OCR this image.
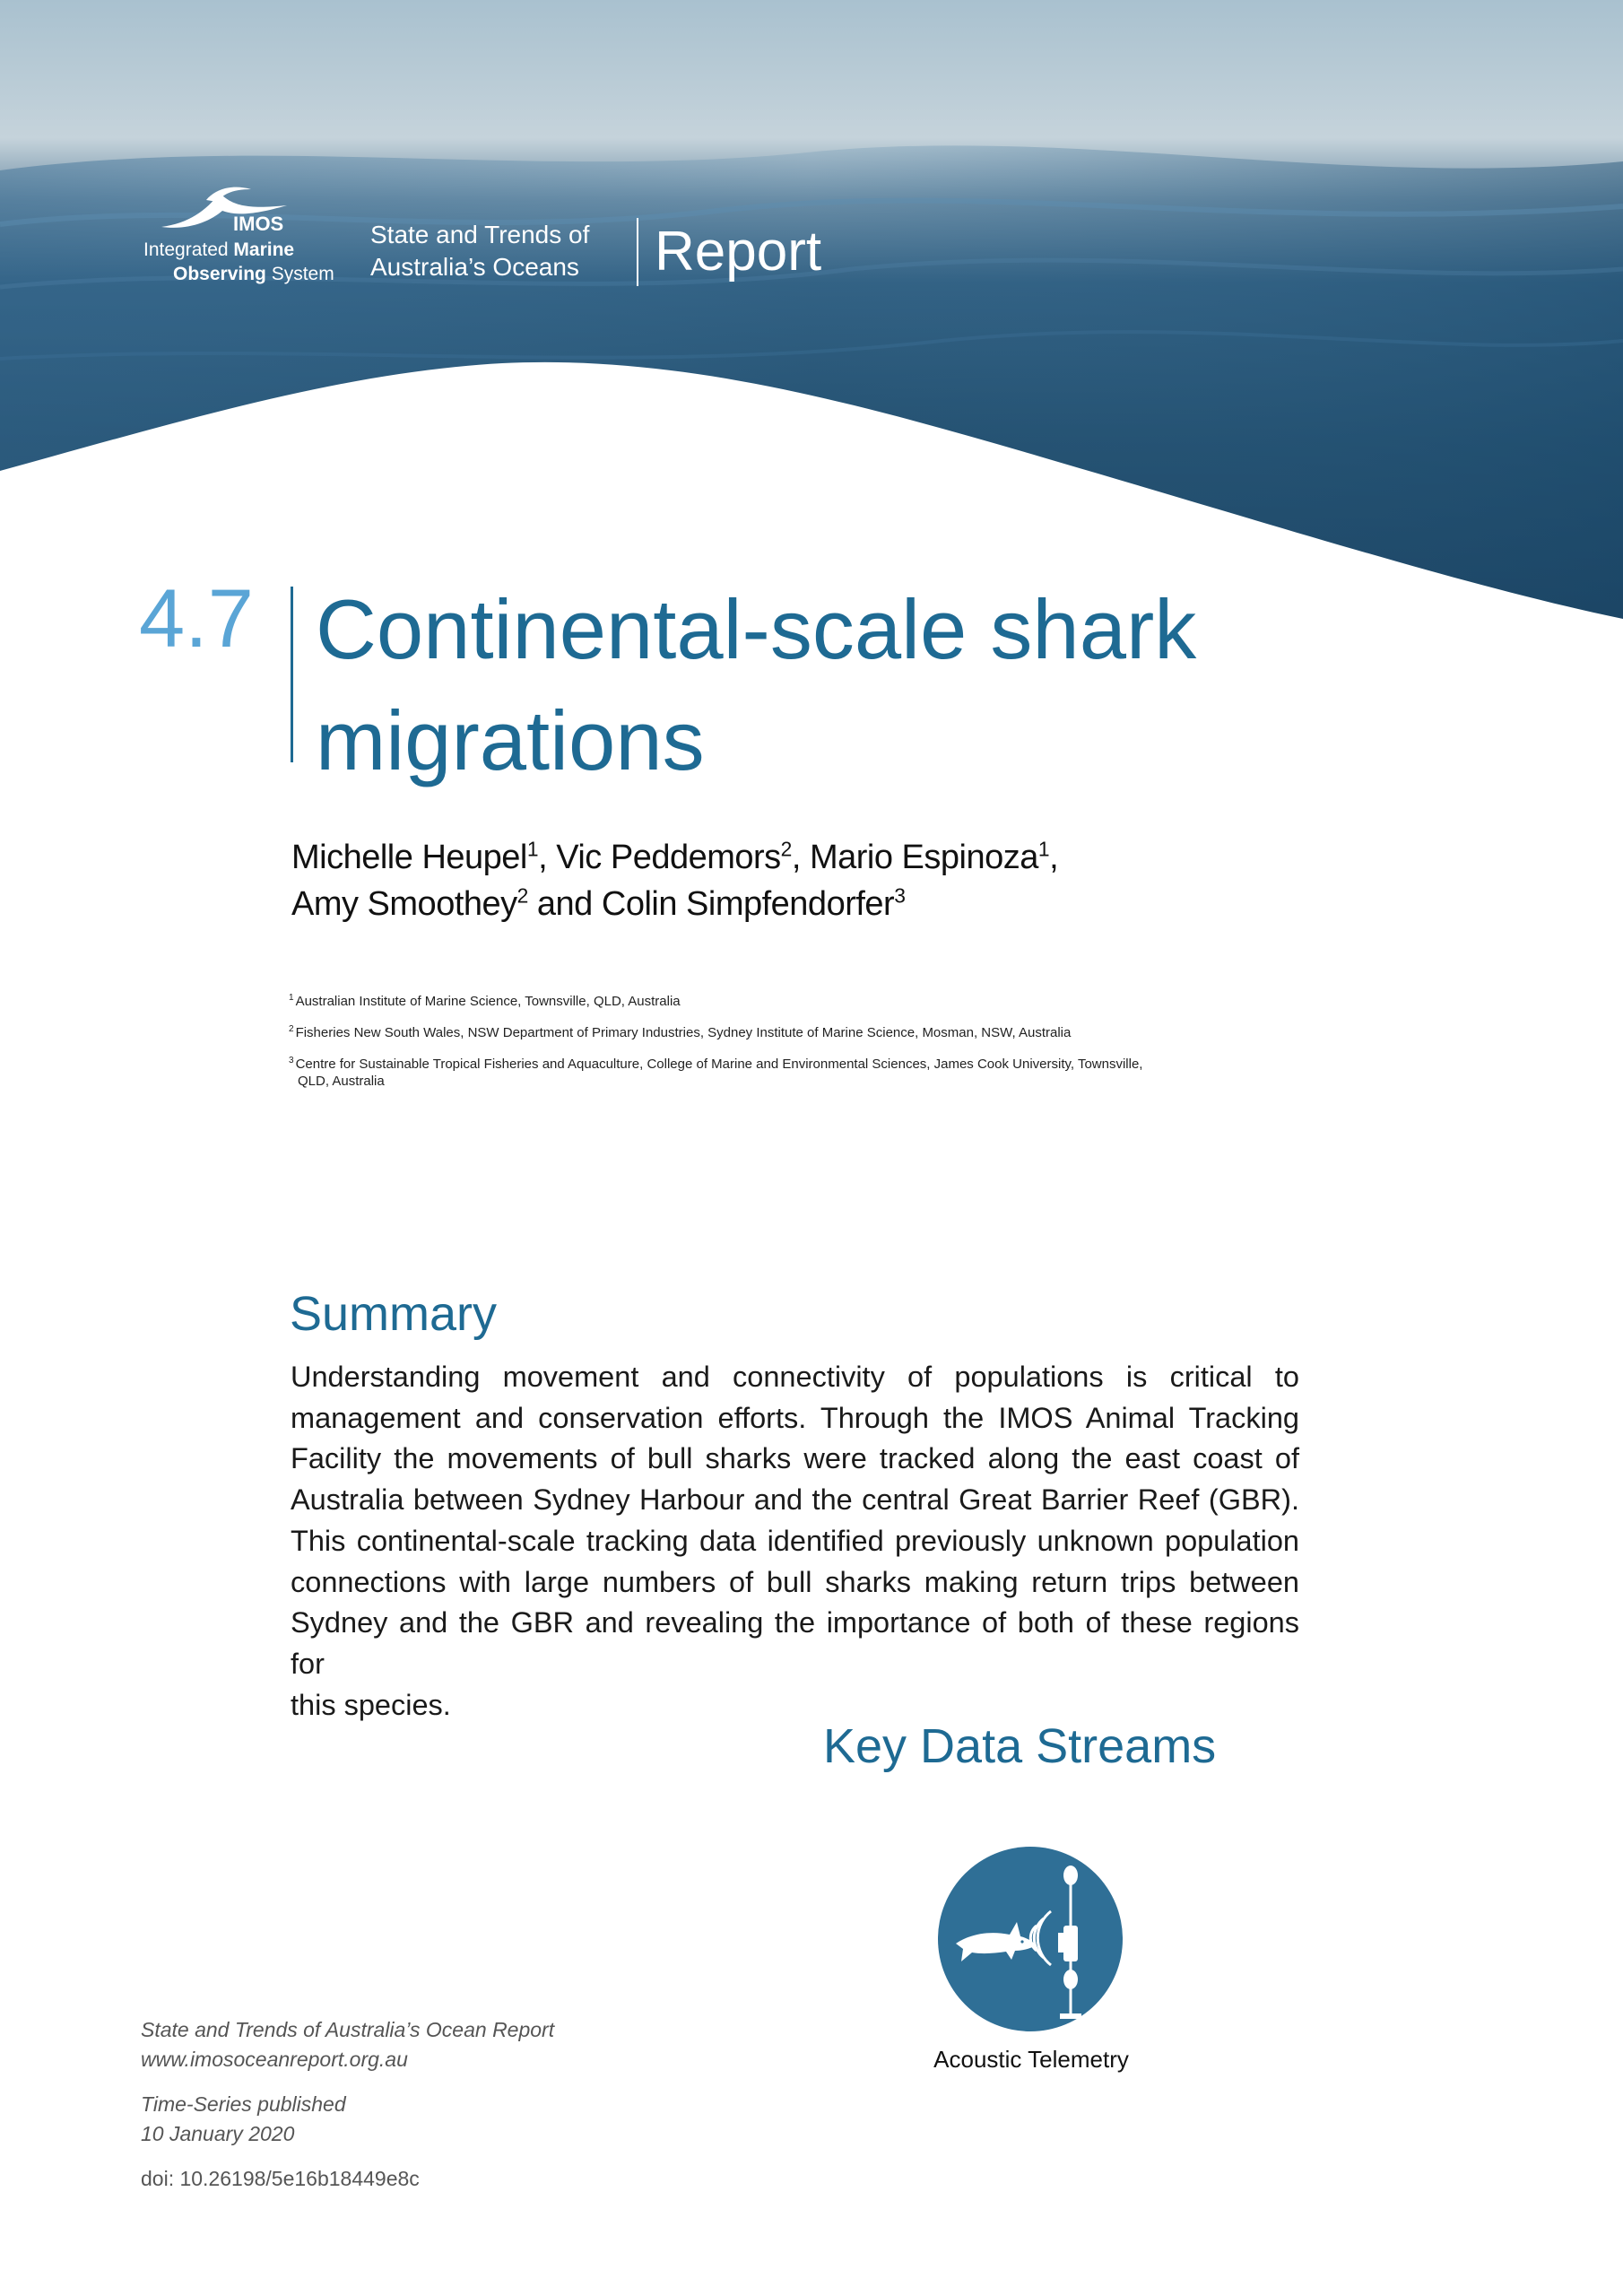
IMOS
Integrated Marine
Observing System
State and Trends of
Australia’s Oceans Report
4.7 Continental-scale shark
migrations
Michelle Heupel$^1$, Vic Peddemors$^2$, Mario Espinoza$^1$,
Amy Smoothey$^2$ and Colin Simpfendorfer$^3$
$^1$ Australian Institute of Marine Science, Townsville, QLD, Australia
$^2$ Fisheries New South Wales, NSW Department of Primary Industries, Sydney Institute of Marine Science, Mosman, NSW, Australia
$^3$ Centre for Sustainable Tropical Fisheries and Aquaculture, College of Marine and Environmental Sciences, James Cook University, Townsville,
QLD, Australia
Summary
Understanding movement and connectivity of populations is critical to
management and conservation efforts. Through the IMOS Animal Tracking
Facility the movements of bull sharks were tracked along the east coast of
Australia between Sydney Harbour and the central Great Barrier Reef (GBR).
This continental-scale tracking data identified previously unknown population
connections with large numbers of bull sharks making return trips between
Sydney and the GBR and revealing the importance of both of these regions for
this species.
Key Data Streams
Acoustic Telemetry
State and Trends of Australia’s Ocean Report
www.imosoceanreport.org.au
Time-Series published
10 January 2020
doi: 10.26198/5e16b18449e8c
